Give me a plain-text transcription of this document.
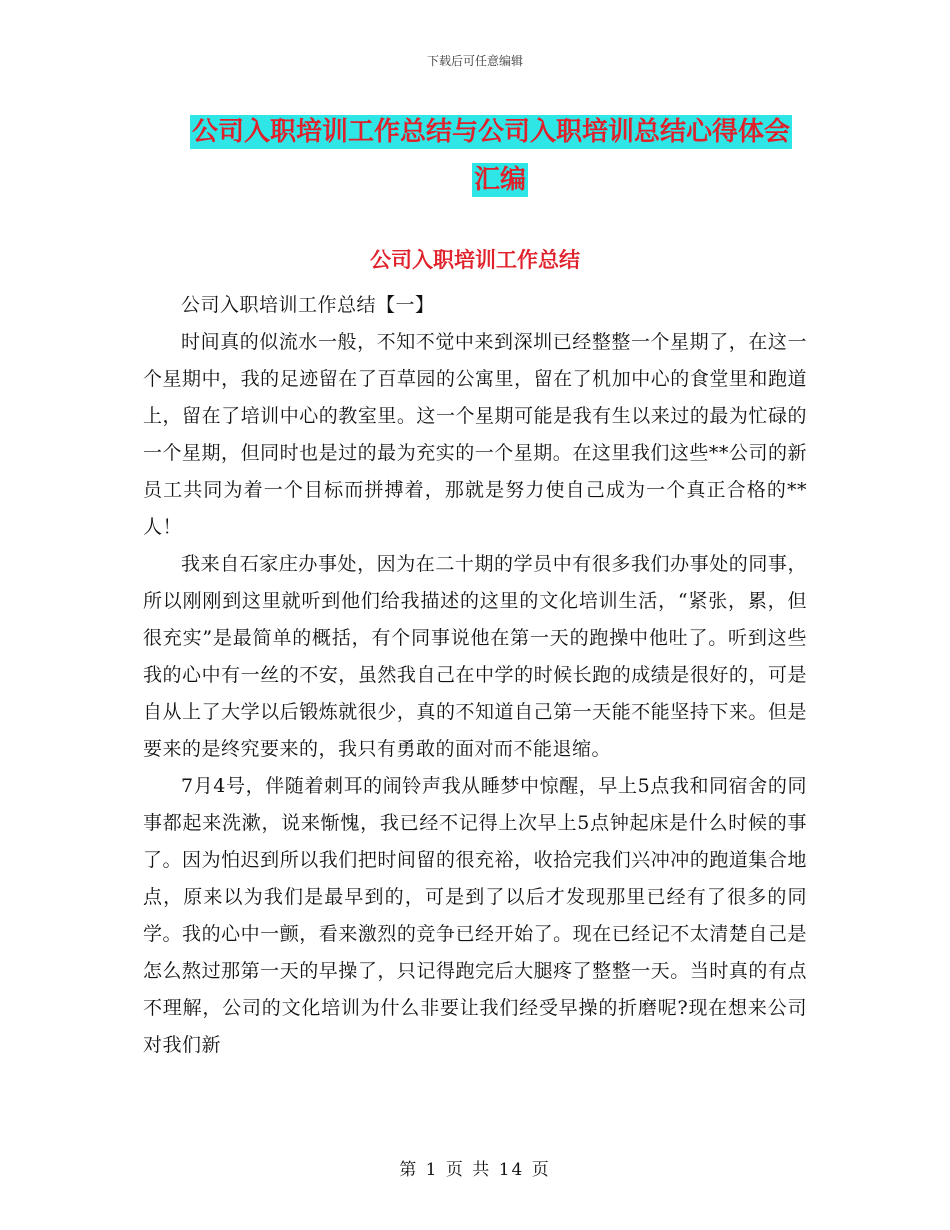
下载后可任意编辑
公司入职培训工作总结与公司入职培训总结心得体会
汇编
公司入职培训工作总结

公司入职培训工作总结【一】

时间真的似流水一般，不知不觉中来到深圳已经整整一个星期了，在这一个星期中，我的足迹留在了百草园的公寓里，留在了机加中心的食堂里和跑道上，留在了培训中心的教室里。这一个星期可能是我有生以来过的最为忙碌的一个星期，但同时也是过的最为充实的一个星期。在这里我们这些**公司的新员工共同为着一个目标而拼搏着，那就是努力使自己成为一个真正合格的**人！

我来自石家庄办事处，因为在二十期的学员中有很多我们办事处的同事，所以刚刚到这里就听到他们给我描述的这里的文化培训生活，“紧张，累，但很充实”是最简单的概括，有个同事说他在第一天的跑操中他吐了。听到这些我的心中有一丝的不安，虽然我自己在中学的时候长跑的成绩是很好的，可是自从上了大学以后锻炼就很少，真的不知道自己第一天能不能坚持下来。但是要来的是终究要来的，我只有勇敢的面对而不能退缩。

7月4号，伴随着刺耳的闹铃声我从睡梦中惊醒，早上5点我和同宿舍的同事都起来洗漱，说来惭愧，我已经不记得上次早上5点钟起床是什么时候的事了。因为怕迟到所以我们把时间留的很充裕，收拾完我们兴冲冲的跑道集合地点，原来以为我们是最早到的，可是到了以后才发现那里已经有了很多的同学。我的心中一颤，看来激烈的竞争已经开始了。现在已经记不太清楚自己是怎么熬过那第一天的早操了，只记得跑完后大腿疼了整整一天。当时真的有点不理解，公司的文化培训为什么非要让我们经受早操的折磨呢?现在想来公司对我们新

第 1 页 共 14 页
